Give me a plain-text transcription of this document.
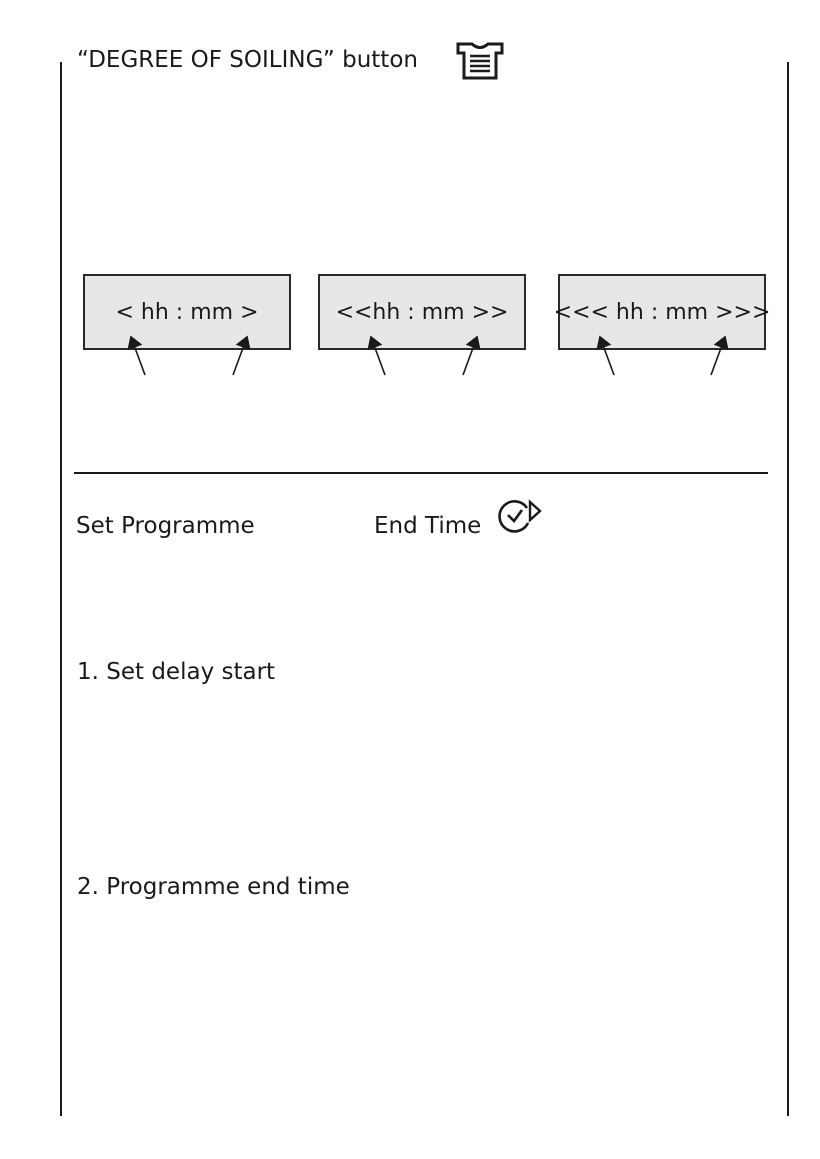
“DEGREE OF SOILING” button
< hh : mm >	<<hh : mm >> <<< hh : mm >>>
Set Programme	End Time
1. Set delay start
2. Programme end time
